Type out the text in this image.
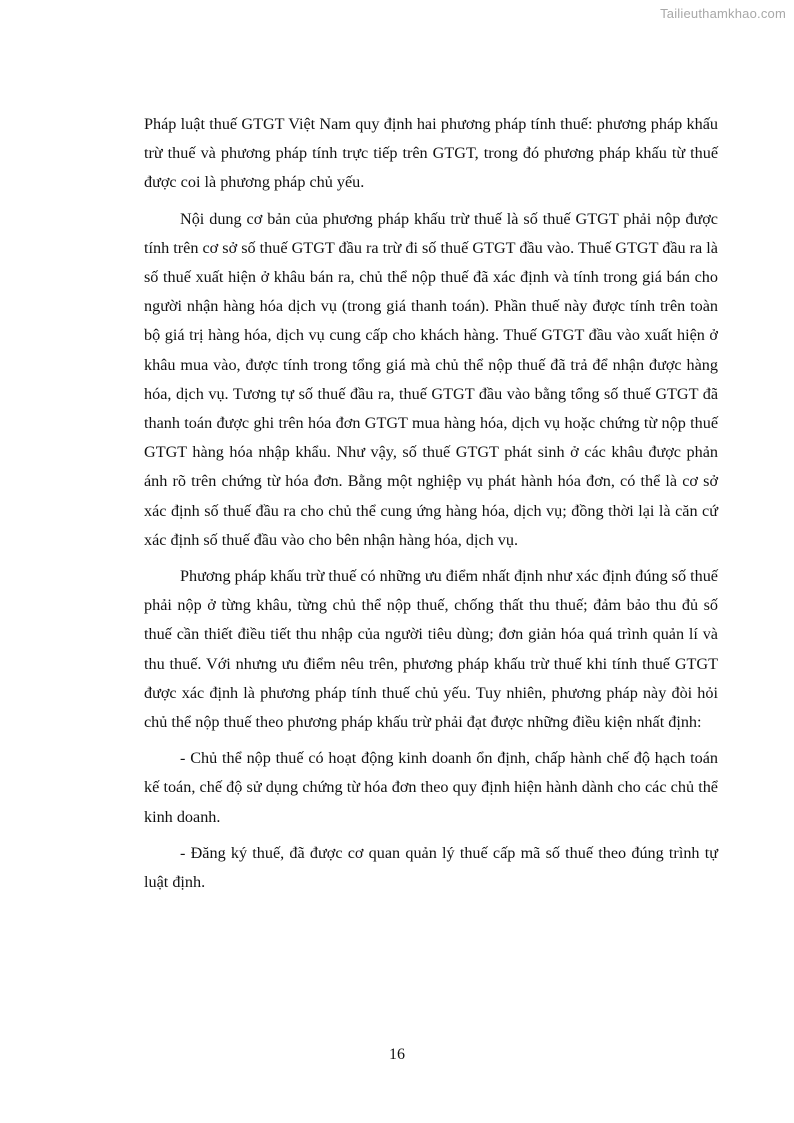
Tailieuthamkhao.com

Pháp luật thuế GTGT Việt Nam quy định hai phương pháp tính thuế: phương pháp khấu trừ thuế và phương pháp tính trực tiếp trên GTGT, trong đó phương pháp khấu từ thuế được coi là phương pháp chủ yếu.

Nội dung cơ bản của phương pháp khấu trừ thuế là số thuế GTGT phải nộp được tính trên cơ sở số thuế GTGT đầu ra trừ đi số thuế GTGT đầu vào. Thuế GTGT đầu ra là số thuế xuất hiện ở khâu bán ra, chủ thể nộp thuế đã xác định và tính trong giá bán cho người nhận hàng hóa dịch vụ (trong giá thanh toán). Phần thuế này được tính trên toàn bộ giá trị hàng hóa, dịch vụ cung cấp cho khách hàng. Thuế GTGT đầu vào xuất hiện ở khâu mua vào, được tính trong tổng giá mà chủ thể nộp thuế đã trả để nhận được hàng hóa, dịch vụ. Tương tự số thuế đầu ra, thuế GTGT đầu vào bằng tổng số thuế GTGT đã thanh toán được ghi trên hóa đơn GTGT mua hàng hóa, dịch vụ hoặc chứng từ nộp thuế GTGT hàng hóa nhập khẩu. Như vậy, số thuế GTGT phát sinh ở các khâu được phản ánh rõ trên chứng từ hóa đơn. Bằng một nghiệp vụ phát hành hóa đơn, có thể là cơ sở xác định số thuế đầu ra cho chủ thể cung ứng hàng hóa, dịch vụ; đồng thời lại là căn cứ xác định số thuế đầu vào cho bên nhận hàng hóa, dịch vụ.

Phương pháp khấu trừ thuế có những ưu điểm nhất định như xác định đúng số thuế phải nộp ở từng khâu, từng chủ thể nộp thuế, chống thất thu thuế; đảm bảo thu đủ số thuế cần thiết điều tiết thu nhập của người tiêu dùng; đơn giản hóa quá trình quản lí và thu thuế. Với nhưng ưu điểm nêu trên, phương pháp khấu trừ thuế khi tính thuế GTGT được xác định là phương pháp tính thuế chủ yếu. Tuy nhiên, phương pháp này đòi hỏi chủ thể nộp thuế theo phương pháp khấu trừ phải đạt được những điều kiện nhất định:

- Chủ thể nộp thuế có hoạt động kinh doanh ổn định, chấp hành chế độ hạch toán kế toán, chế độ sử dụng chứng từ hóa đơn theo quy định hiện hành dành cho các chủ thể kinh doanh.

- Đăng ký thuế, đã được cơ quan quản lý thuế cấp mã số thuế theo đúng trình tự luật định.

16
